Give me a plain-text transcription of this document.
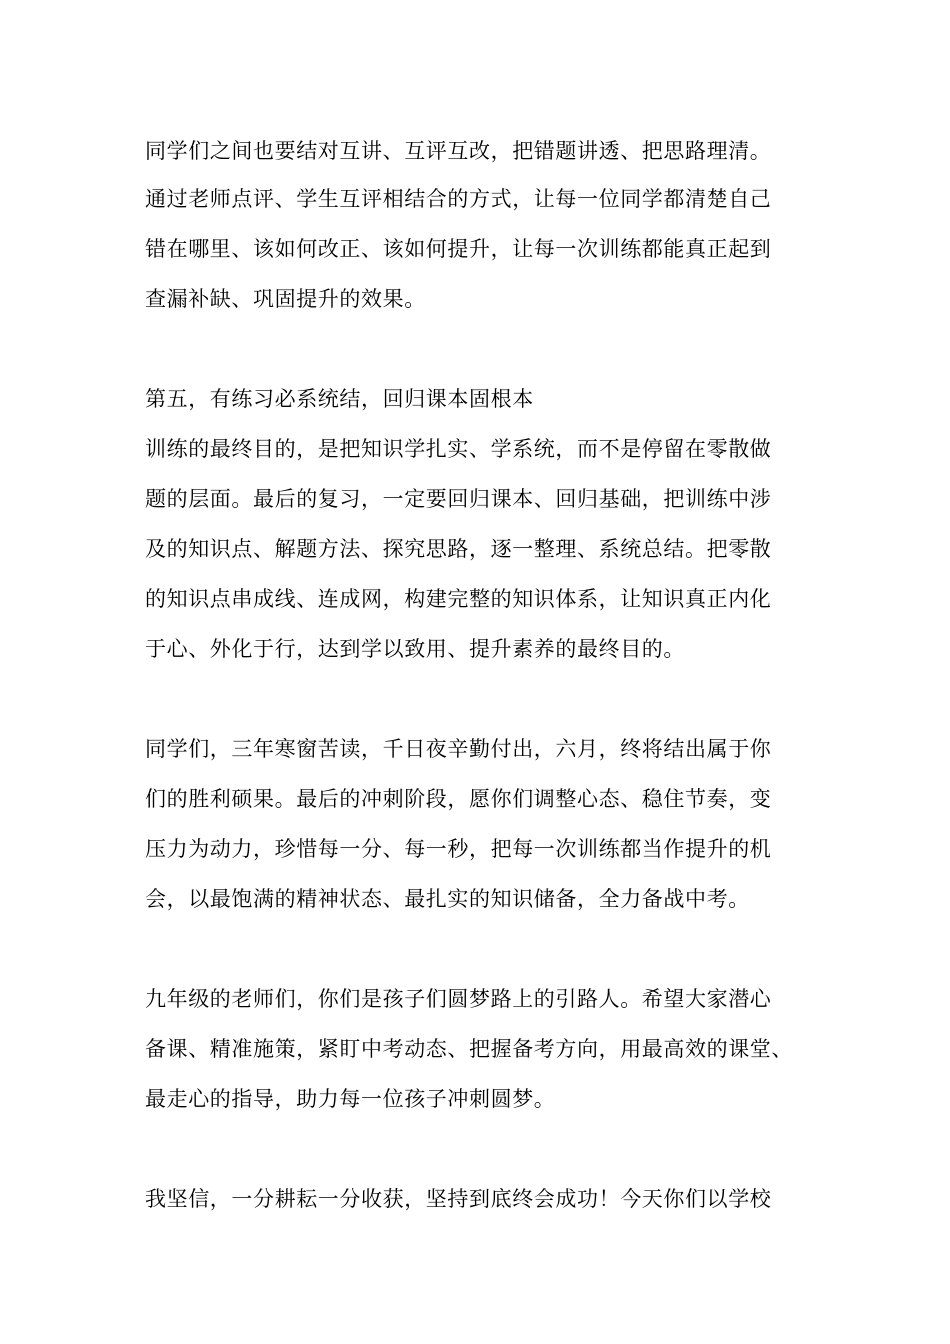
同学们之间也要结对互讲、互评互改，把错题讲透、把思路理清。
通过老师点评、学生互评相结合的方式，让每一位同学都清楚自己
错在哪里、该如何改正、该如何提升，让每一次训练都能真正起到
查漏补缺、巩固提升的效果。
第五，有练习必系统结，回归课本固根本
训练的最终目的，是把知识学扎实、学系统，而不是停留在零散做
题的层面。最后的复习，一定要回归课本、回归基础，把训练中涉
及的知识点、解题方法、探究思路，逐一整理、系统总结。把零散
的知识点串成线、连成网，构建完整的知识体系，让知识真正内化
于心、外化于行，达到学以致用、提升素养的最终目的。
同学们，三年寒窗苦读，千日夜辛勤付出，六月，终将结出属于你
们的胜利硕果。最后的冲刺阶段，愿你们调整心态、稳住节奏，变
压力为动力，珍惜每一分、每一秒，把每一次训练都当作提升的机
会，以最饱满的精神状态、最扎实的知识储备，全力备战中考。
九年级的老师们，你们是孩子们圆梦路上的引路人。希望大家潜心
备课、精准施策，紧盯中考动态、把握备考方向，用最高效的课堂、
最走心的指导，助力每一位孩子冲刺圆梦。
我坚信，一分耕耘一分收获，坚持到底终会成功！今天你们以学校
